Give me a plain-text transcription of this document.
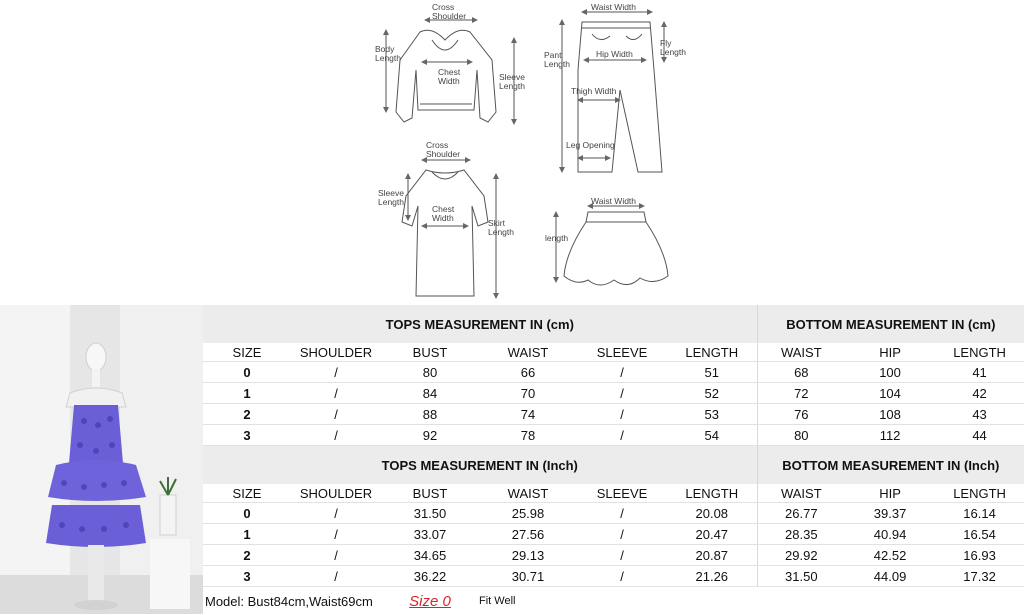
Cross
Shoulder
Body
Length
Chest
Width	Sleeve
Length
Waist Width
Pant
Length
Fly
Length
Hip Width
Thigh Width
Leg Opening
Cross
Shoulder
Sleeve
Length
Chest
Width	Skirt
Length
Waist Width
length
TOPS MEASUREMENT IN (cm)						BOTTOM MEASUREMENT IN (cm)		
SIZE	SHOULDER	BUST	WAIST	SLEEVE	LENGTH	WAIST	HIP	LENGTH
0	/	80	66	/	51	68	100	41
1	/	84	70	/	52	72	104	42
2	/	88	74	/	53	76	108	43
3	/	92	78	/	54	80	112	44
TOPS MEASUREMENT IN (Inch)						BOTTOM MEASUREMENT IN (Inch)		
SIZE	SHOULDER	BUST	WAIST	SLEEVE	LENGTH	WAIST	HIP	LENGTH
0	/	31.50	25.98	/	20.08	26.77	39.37	16.14
1	/	33.07	27.56	/	20.47	28.35	40.94	16.54
2	/	34.65	29.13	/	20.87	29.92	42.52	16.93
3	/	36.22	30.71	/	21.26	31.50	44.09	17.32
Model: Bust84cm,Waist69cm		Size 0	Fit Well					
